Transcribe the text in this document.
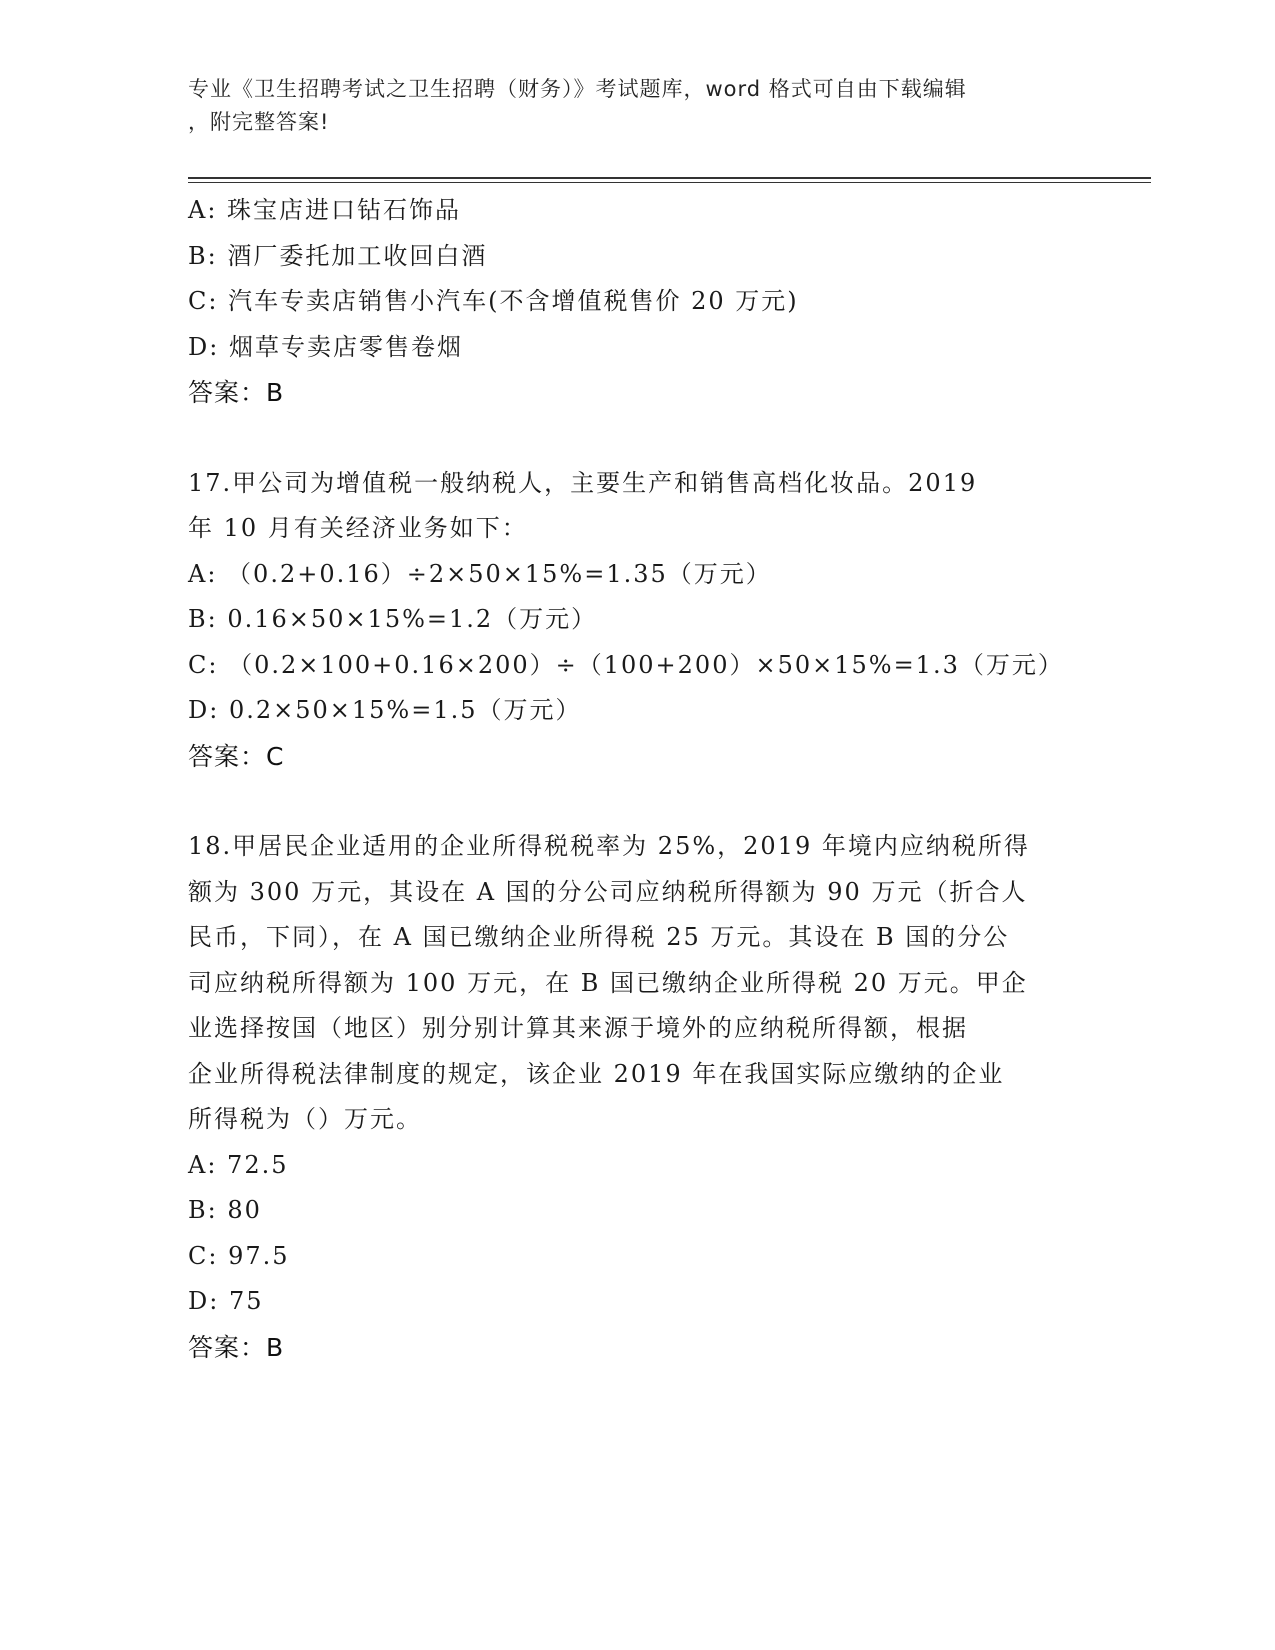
专业《卫生招聘考试之卫生招聘（财务）》考试题库，word 格式可自由下载编辑
，附完整答案!
A: 珠宝店进口钻石饰品
B: 酒厂委托加工收回白酒
C: 汽车专卖店销售小汽车(不含增值税售价 20 万元)
D: 烟草专卖店零售卷烟
答案：B
17.甲公司为增值税一般纳税人，主要生产和销售高档化妆品。2019
年 10 月有关经济业务如下：
A: （0.2+0.16）÷2×50×15%=1.35（万元）
B: 0.16×50×15%=1.2（万元）
C: （0.2×100+0.16×200）÷（100+200）×50×15%=1.3（万元）
D: 0.2×50×15%=1.5（万元）
答案：C
18.甲居民企业适用的企业所得税税率为 25%，2019 年境内应纳税所得
额为 300 万元，其设在 A 国的分公司应纳税所得额为 90 万元（折合人
民币，下同），在 A 国已缴纳企业所得税 25 万元。其设在 B 国的分公
司应纳税所得额为 100 万元，在 B 国已缴纳企业所得税 20 万元。甲企
业选择按国（地区）别分别计算其来源于境外的应纳税所得额，根据
企业所得税法律制度的规定，该企业 2019 年在我国实际应缴纳的企业
所得税为（）万元。
A: 72.5
B: 80
C: 97.5
D: 75
答案：B
